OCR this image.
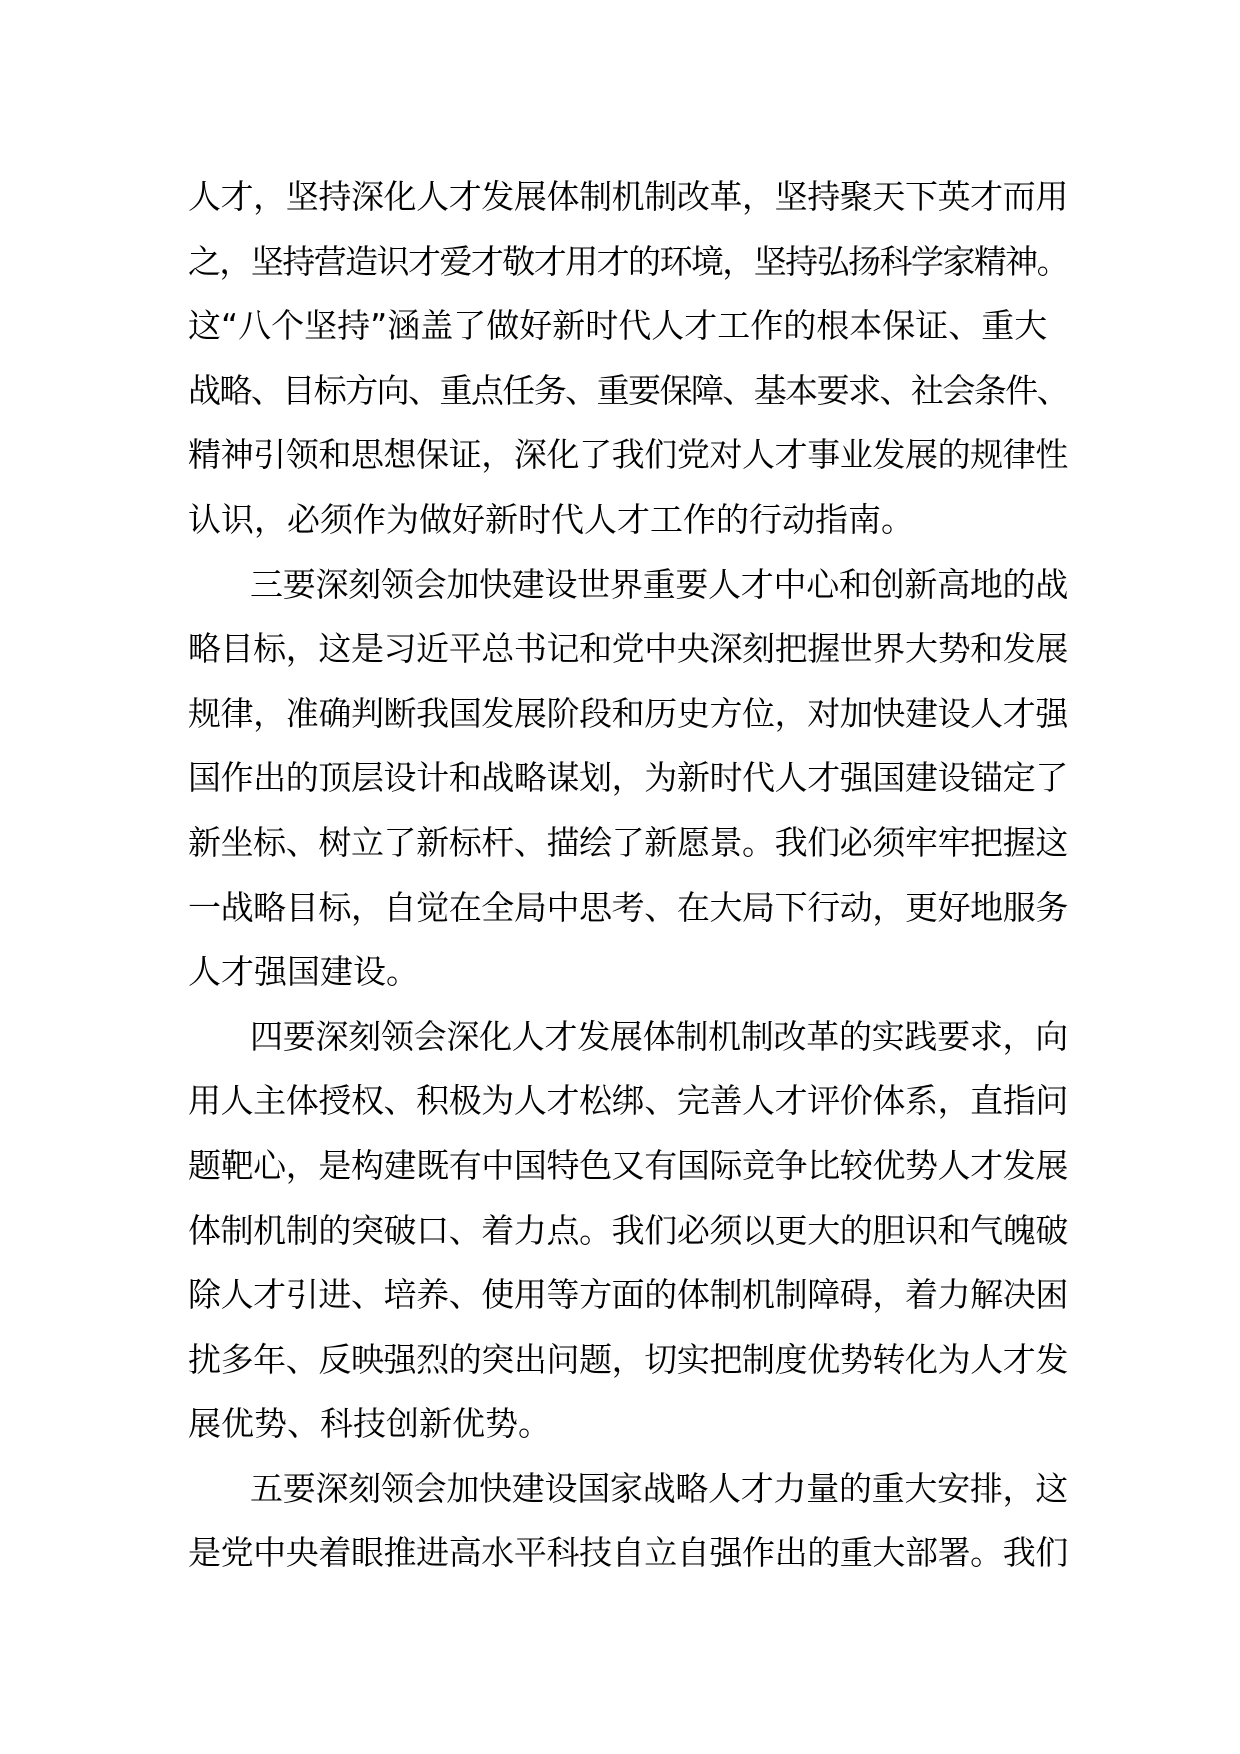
人才，坚持深化人才发展体制机制改革，坚持聚天下英才而用
之，坚持营造识才爱才敬才用才的环境，坚持弘扬科学家精神。
这“八个坚持”涵盖了做好新时代人才工作的根本保证、重大
战略、目标方向、重点任务、重要保障、基本要求、社会条件、
精神引领和思想保证，深化了我们党对人才事业发展的规律性
认识，必须作为做好新时代人才工作的行动指南。
三要深刻领会加快建设世界重要人才中心和创新高地的战
略目标，这是习近平总书记和党中央深刻把握世界大势和发展
规律，准确判断我国发展阶段和历史方位，对加快建设人才强
国作出的顶层设计和战略谋划，为新时代人才强国建设锚定了
新坐标、树立了新标杆、描绘了新愿景。我们必须牢牢把握这
一战略目标，自觉在全局中思考、在大局下行动，更好地服务
人才强国建设。
四要深刻领会深化人才发展体制机制改革的实践要求，向
用人主体授权、积极为人才松绑、完善人才评价体系，直指问
题靶心，是构建既有中国特色又有国际竞争比较优势人才发展
体制机制的突破口、着力点。我们必须以更大的胆识和气魄破
除人才引进、培养、使用等方面的体制机制障碍，着力解决困
扰多年、反映强烈的突出问题，切实把制度优势转化为人才发
展优势、科技创新优势。
五要深刻领会加快建设国家战略人才力量的重大安排，这
是党中央着眼推进高水平科技自立自强作出的重大部署。我们
